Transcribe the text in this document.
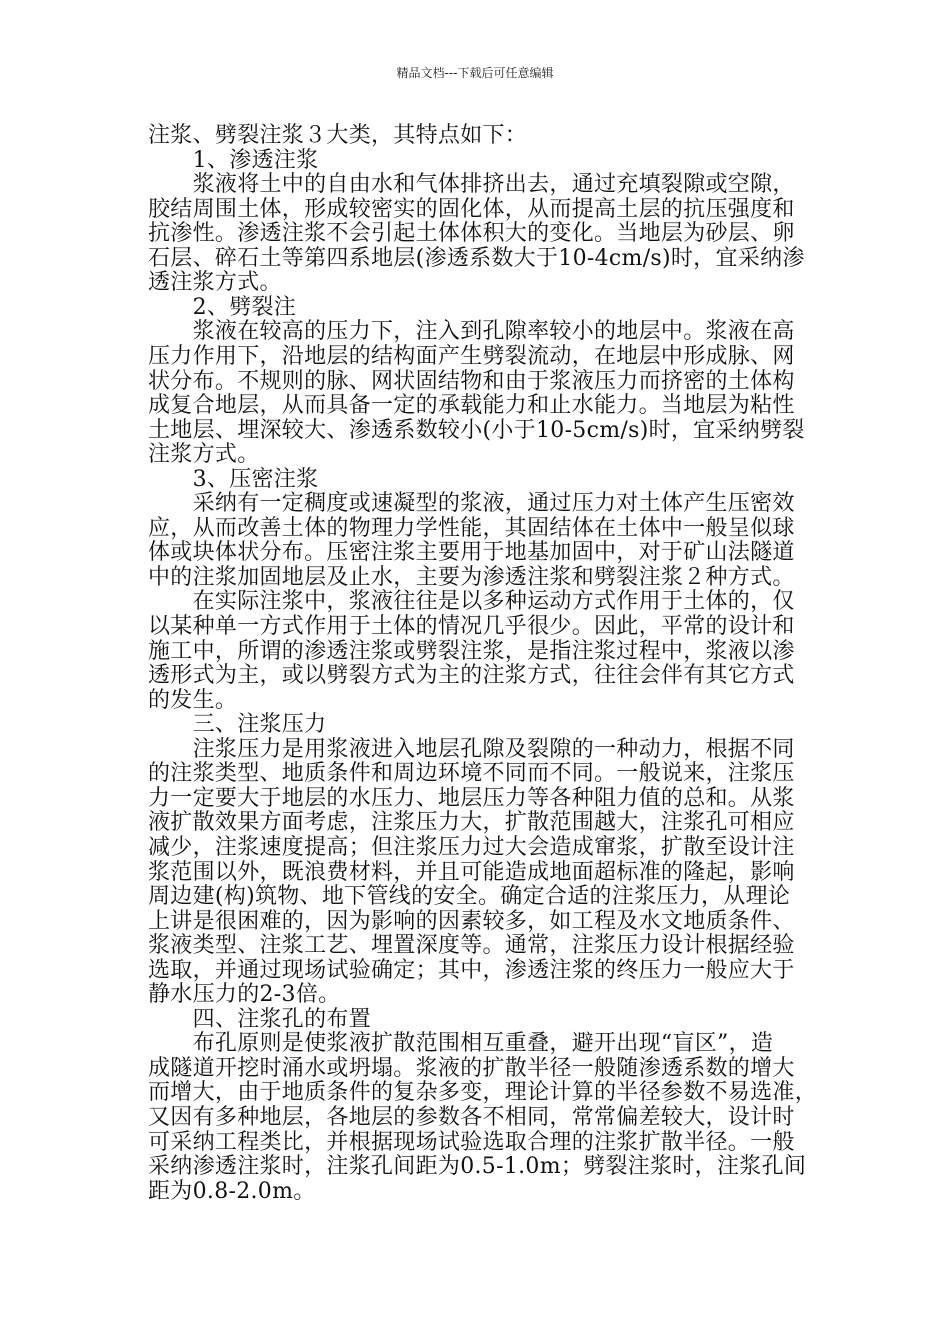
精品文档---下载后可任意编辑
注浆、劈裂注浆３大类，其特点如下：
　　1、渗透注浆
　　浆液将土中的自由水和气体排挤出去，通过充填裂隙或空隙，
胶结周围土体，形成较密实的固化体，从而提高土层的抗压强度和
抗渗性。渗透注浆不会引起土体体积大的变化。当地层为砂层、卵
石层、碎石土等第四系地层(渗透系数大于10-4cm/s)时，宜采纳渗
透注浆方式。
　　2、劈裂注
　　浆液在较高的压力下，注入到孔隙率较小的地层中。浆液在高
压力作用下，沿地层的结构面产生劈裂流动，在地层中形成脉、网
状分布。不规则的脉、网状固结物和由于浆液压力而挤密的土体构
成复合地层，从而具备一定的承载能力和止水能力。当地层为粘性
土地层、埋深较大、渗透系数较小(小于10-5cm/s)时，宜采纳劈裂
注浆方式。
　　3、压密注浆
　　采纳有一定稠度或速凝型的浆液，通过压力对土体产生压密效
应，从而改善土体的物理力学性能，其固结体在土体中一般呈似球
体或块体状分布。压密注浆主要用于地基加固中，对于矿山法隧道
中的注浆加固地层及止水，主要为渗透注浆和劈裂注浆２种方式。
　　在实际注浆中，浆液往往是以多种运动方式作用于土体的，仅
以某种单一方式作用于土体的情况几乎很少。因此，平常的设计和
施工中，所谓的渗透注浆或劈裂注浆，是指注浆过程中，浆液以渗
透形式为主，或以劈裂方式为主的注浆方式，往往会伴有其它方式
的发生。
　　三、注浆压力
　　注浆压力是用浆液进入地层孔隙及裂隙的一种动力，根据不同
的注浆类型、地质条件和周边环境不同而不同。一般说来，注浆压
力一定要大于地层的水压力、地层压力等各种阻力值的总和。从浆
液扩散效果方面考虑，注浆压力大，扩散范围越大，注浆孔可相应
减少，注浆速度提高；但注浆压力过大会造成窜浆，扩散至设计注
浆范围以外，既浪费材料，并且可能造成地面超标准的隆起，影响
周边建(构)筑物、地下管线的安全。确定合适的注浆压力，从理论
上讲是很困难的，因为影响的因素较多，如工程及水文地质条件、
浆液类型、注浆工艺、埋置深度等。通常，注浆压力设计根据经验
选取，并通过现场试验确定；其中，渗透注浆的终压力一般应大于
静水压力的2-3倍。
　　四、注浆孔的布置
　　布孔原则是使浆液扩散范围相互重叠，避开出现“盲区”，造
成隧道开挖时涌水或坍塌。浆液的扩散半径一般随渗透系数的增大
而增大，由于地质条件的复杂多变，理论计算的半径参数不易选准，
又因有多种地层，各地层的参数各不相同，常常偏差较大，设计时
可采纳工程类比，并根据现场试验选取合理的注浆扩散半径。一般
采纳渗透注浆时，注浆孔间距为0.5-1.0m；劈裂注浆时，注浆孔间
距为0.8-2.0m。
